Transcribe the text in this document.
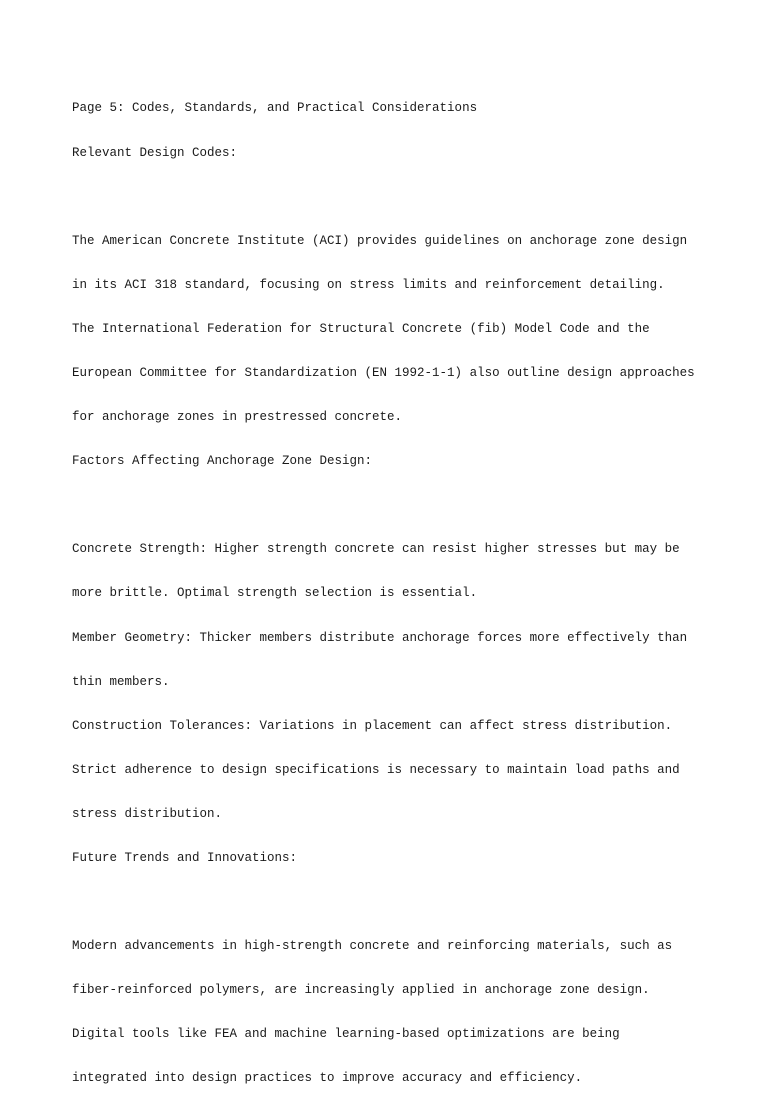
Page 5: Codes, Standards, and Practical Considerations

Relevant Design Codes:

The American Concrete Institute (ACI) provides guidelines on anchorage zone design

in its ACI 318 standard, focusing on stress limits and reinforcement detailing.

The International Federation for Structural Concrete (fib) Model Code and the

European Committee for Standardization (EN 1992-1-1) also outline design approaches

for anchorage zones in prestressed concrete.

Factors Affecting Anchorage Zone Design:

Concrete Strength: Higher strength concrete can resist higher stresses but may be

more brittle. Optimal strength selection is essential.

Member Geometry: Thicker members distribute anchorage forces more effectively than

thin members.

Construction Tolerances: Variations in placement can affect stress distribution.

Strict adherence to design specifications is necessary to maintain load paths and

stress distribution.

Future Trends and Innovations:

Modern advancements in high-strength concrete and reinforcing materials, such as

fiber-reinforced polymers, are increasingly applied in anchorage zone design.

Digital tools like FEA and machine learning-based optimizations are being

integrated into design practices to improve accuracy and efficiency.
